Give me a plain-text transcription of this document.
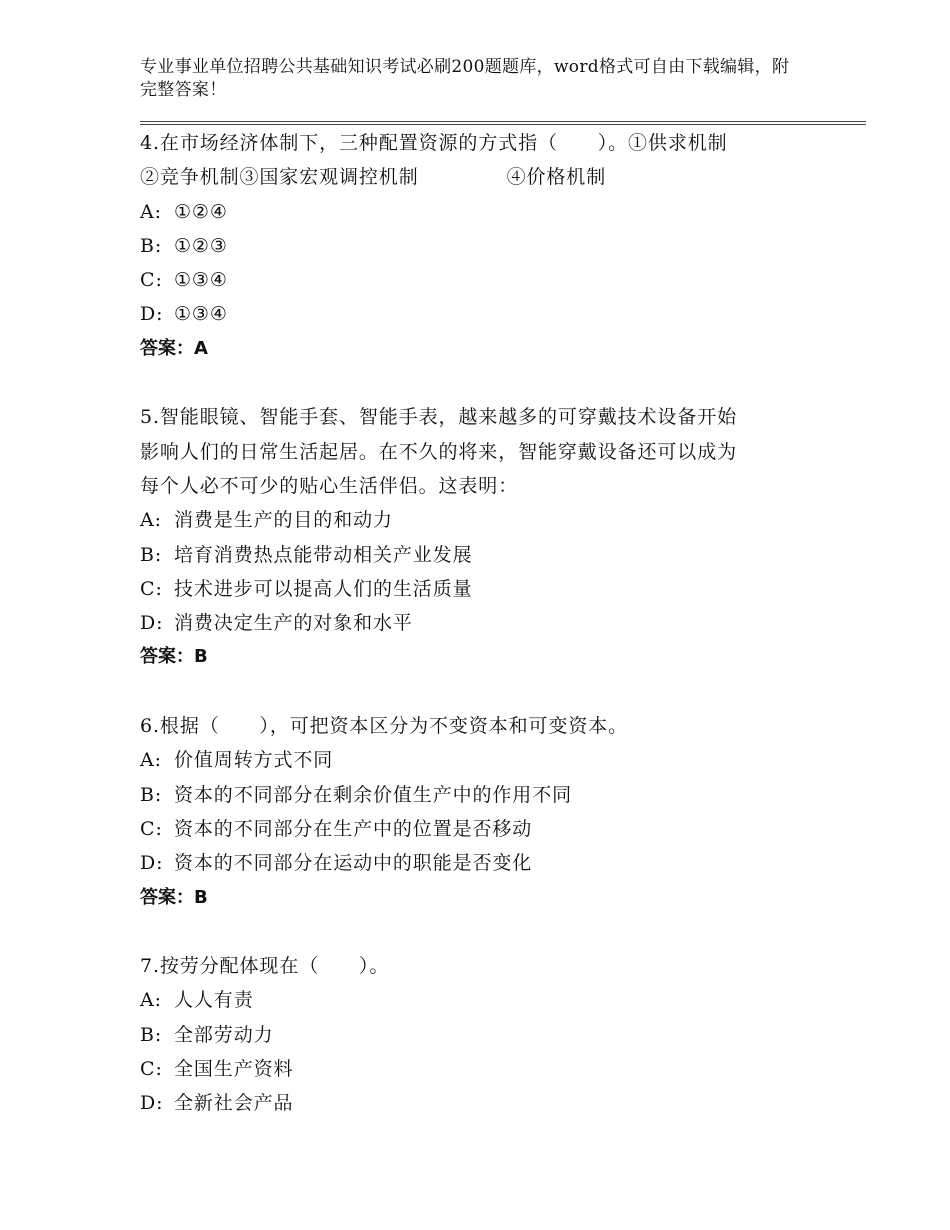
专业事业单位招聘公共基础知识考试必刷200题题库，word格式可自由下载编辑，附完整答案！

4.在市场经济体制下，三种配置资源的方式指（　　）。①供求机制

②竞争机制③国家宏观调控机制	④价格机制

A: ①②④

B: ①②③

C: ①③④

D: ①③④

答案：A

5.智能眼镜、智能手套、智能手表，越来越多的可穿戴技术设备开始

影响人们的日常生活起居。在不久的将来，智能穿戴设备还可以成为

每个人必不可少的贴心生活伴侣。这表明：

A: 消费是生产的目的和动力

B: 培育消费热点能带动相关产业发展

C: 技术进步可以提高人们的生活质量

D: 消费决定生产的对象和水平

答案：B

6.根据（　　），可把资本区分为不变资本和可变资本。

A: 价值周转方式不同

B: 资本的不同部分在剩余价值生产中的作用不同

C: 资本的不同部分在生产中的位置是否移动

D: 资本的不同部分在运动中的职能是否变化

答案：B

7.按劳分配体现在（　　）。

A: 人人有责

B: 全部劳动力

C: 全国生产资料

D: 全新社会产品
